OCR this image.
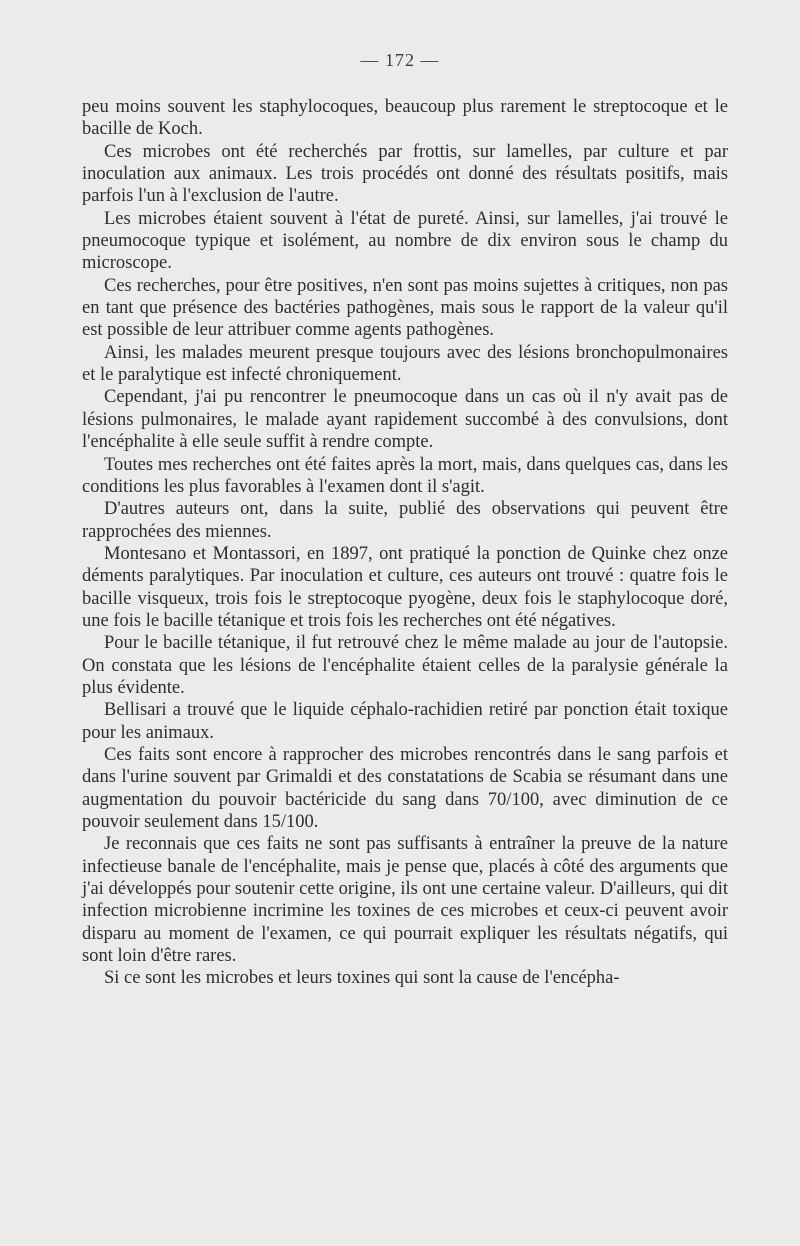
— 172 —

peu moins souvent les staphylocoques, beaucoup plus rarement le streptocoque et le bacille de Koch.

Ces microbes ont été recherchés par frottis, sur lamelles, par culture et par inoculation aux animaux. Les trois procédés ont donné des résultats positifs, mais parfois l'un à l'exclusion de l'autre.

Les microbes étaient souvent à l'état de pureté. Ainsi, sur lamelles, j'ai trouvé le pneumocoque typique et isolément, au nombre de dix environ sous le champ du microscope.

Ces recherches, pour être positives, n'en sont pas moins sujettes à critiques, non pas en tant que présence des bactéries pathogènes, mais sous le rapport de la valeur qu'il est possible de leur attribuer comme agents pathogènes.

Ainsi, les malades meurent presque toujours avec des lésions bronchopulmonaires et le paralytique est infecté chroniquement.

Cependant, j'ai pu rencontrer le pneumocoque dans un cas où il n'y avait pas de lésions pulmonaires, le malade ayant rapidement succombé à des convulsions, dont l'encéphalite à elle seule suffit à rendre compte.

Toutes mes recherches ont été faites après la mort, mais, dans quelques cas, dans les conditions les plus favorables à l'examen dont il s'agit.

D'autres auteurs ont, dans la suite, publié des observations qui peuvent être rapprochées des miennes.

Montesano et Montassori, en 1897, ont pratiqué la ponction de Quinke chez onze déments paralytiques. Par inoculation et culture, ces auteurs ont trouvé : quatre fois le bacille visqueux, trois fois le streptocoque pyogène, deux fois le staphylocoque doré, une fois le bacille tétanique et trois fois les recherches ont été négatives.

Pour le bacille tétanique, il fut retrouvé chez le même malade au jour de l'autopsie. On constata que les lésions de l'encéphalite étaient celles de la paralysie générale la plus évidente.

Bellisari a trouvé que le liquide céphalo-rachidien retiré par ponction était toxique pour les animaux.

Ces faits sont encore à rapprocher des microbes rencontrés dans le sang parfois et dans l'urine souvent par Grimaldi et des constatations de Scabia se résumant dans une augmentation du pouvoir bactéricide du sang dans 70/100, avec diminution de ce pouvoir seulement dans 15/100.

Je reconnais que ces faits ne sont pas suffisants à entraîner la preuve de la nature infectieuse banale de l'encéphalite, mais je pense que, placés à côté des arguments que j'ai développés pour soutenir cette origine, ils ont une certaine valeur. D'ailleurs, qui dit infection microbienne incrimine les toxines de ces microbes et ceux-ci peuvent avoir disparu au moment de l'examen, ce qui pourrait expliquer les résultats négatifs, qui sont loin d'être rares.

Si ce sont les microbes et leurs toxines qui sont la cause de l'encépha-
